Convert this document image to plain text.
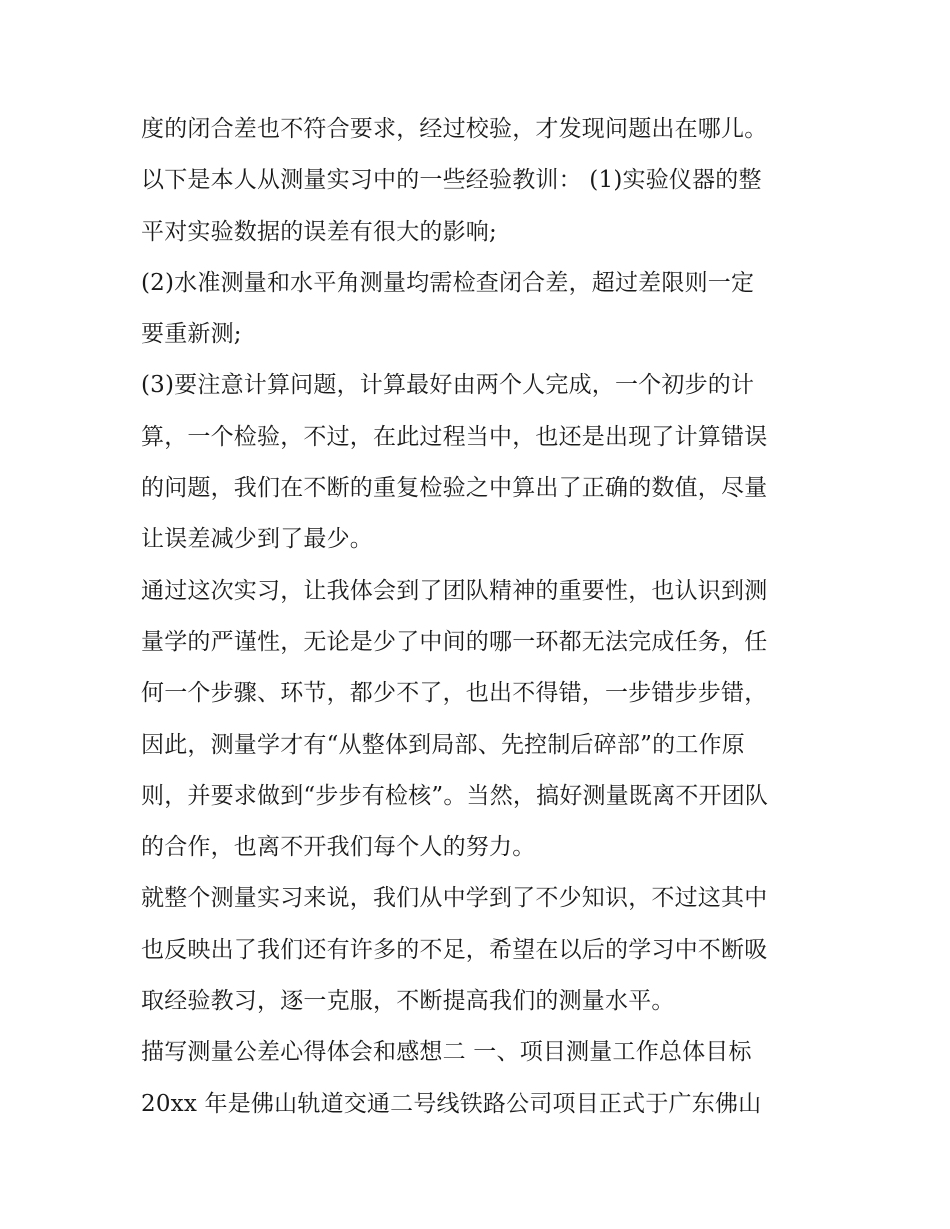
度的闭合差也不符合要求，经过校验，才发现问题出在哪儿。
以下是本人从测量实习中的一些经验教训： (1)实验仪器的整
平对实验数据的误差有很大的影响;
(2)水准测量和水平角测量均需检查闭合差，超过差限则一定
要重新测;
(3)要注意计算问题，计算最好由两个人完成，一个初步的计
算，一个检验，不过，在此过程当中，也还是出现了计算错误
的问题，我们在不断的重复检验之中算出了正确的数值，尽量
让误差减少到了最少。
通过这次实习，让我体会到了团队精神的重要性，也认识到测
量学的严谨性，无论是少了中间的哪一环都无法完成任务，任
何一个步骤、环节，都少不了，也出不得错，一步错步步错，
因此，测量学才有“从整体到局部、先控制后碎部”的工作原
则，并要求做到“步步有检核”。当然，搞好测量既离不开团队
的合作，也离不开我们每个人的努力。
就整个测量实习来说，我们从中学到了不少知识，不过这其中
也反映出了我们还有许多的不足，希望在以后的学习中不断吸
取经验教习，逐一克服，不断提高我们的测量水平。
描写测量公差心得体会和感想二 一、项目测量工作总体目标
20xx 年是佛山轨道交通二号线铁路公司项目正式于广东佛山
